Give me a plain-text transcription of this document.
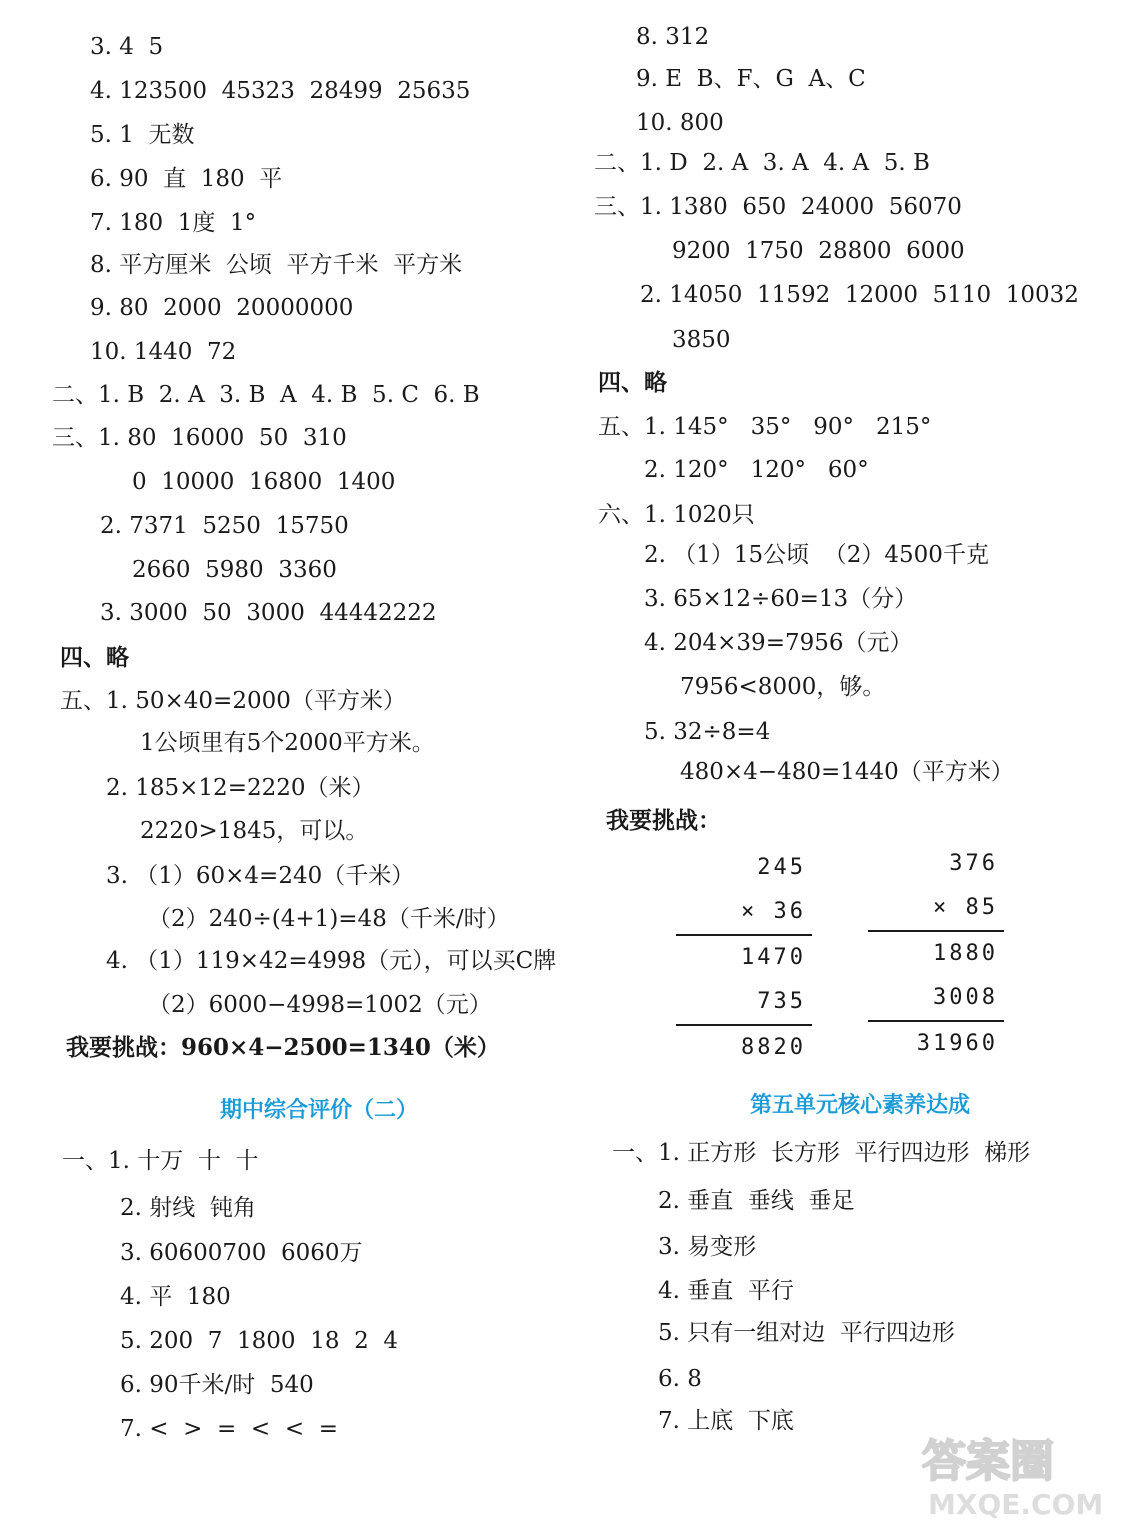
3. 4  5
4. 123500  45323  28499  25635
5. 1  无数
6. 90  直  180  平
7. 180  1度  1°
8. 平方厘米  公顷  平方千米  平方米
9. 80  2000  20000000
10. 1440  72
二、1. B  2. A  3. B  A  4. B  5. C  6. B
三、1. 80  16000  50  310
0  10000  16800  1400
2. 7371  5250  15750
2660  5980  3360
3. 3000  50  3000  44442222
四、略
五、1. 50×40=2000（平方米）
1公顷里有5个2000平方米。
2. 185×12=2220（米）
2220>1845，可以。
3. （1）60×4=240（千米）
（2）240÷(4+1)=48（千米/时）
4. （1）119×42=4998（元），可以买C牌
（2）6000−4998=1002（元）
我要挑战：960×4−2500=1340（米）
一、1. 十万  十  十
2. 射线  钝角
3. 60600700  6060万
4. 平  180
5. 200  7  1800  18  2  4
6. 90千米/时  540
7. <  >  =  <  <  =
8. 312
9. E  B、F、G  A、C
10. 800
二、1. D  2. A  3. A  4. A  5. B
三、1. 1380  650  24000  56070
9200  1750  28800  6000
2. 14050  11592  12000  5110  10032
3850
四、略
五、1. 145°   35°   90°   215°
2. 120°   120°   60°
六、1. 1020只
2. （1）15公顷  （2）4500千克
3. 65×12÷60=13（分）
4. 204×39=7956（元）
7956<8000，够。
5. 32÷8=4
480×4−480=1440（平方米）
我要挑战：
一、1. 正方形  长方形  平行四边形  梯形
2. 垂直  垂线  垂足
3. 易变形
4. 垂直  平行
5. 只有一组对边  平行四边形
6. 8
7. 上底  下底
期中综合评价（二）	第五单元核心素养达成
245
× 36
1470
735
8820
376
× 85
1880
3008
31960
答案圈
MXQE.COM
